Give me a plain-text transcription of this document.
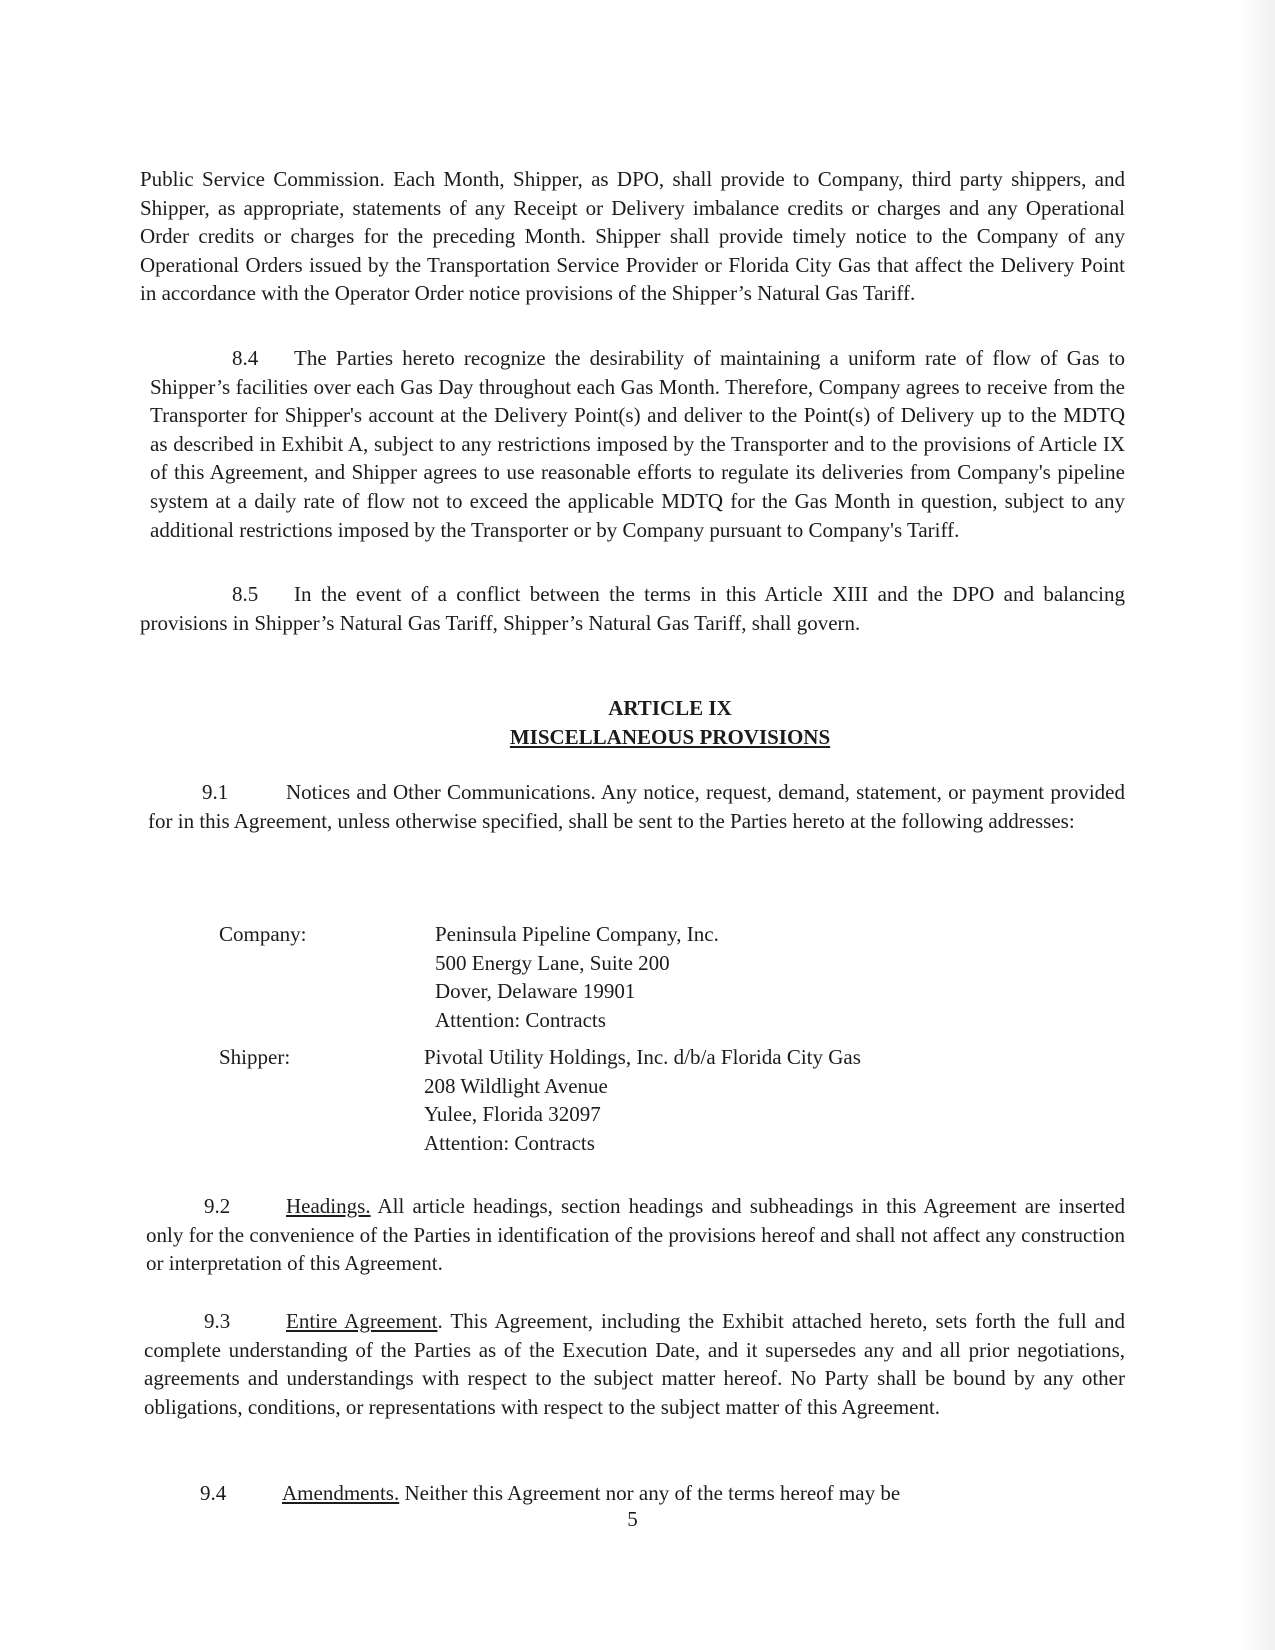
Public Service Commission. Each Month, Shipper, as DPO, shall provide to Company, third party shippers, and Shipper, as appropriate, statements of any Receipt or Delivery imbalance credits or charges and any Operational Order credits or charges for the preceding Month. Shipper shall provide timely notice to the Company of any Operational Orders issued by the Transportation Service Provider or Florida City Gas that affect the Delivery Point in accordance with the Operator Order notice provisions of the Shipper’s Natural Gas Tariff.

8.4 The Parties hereto recognize the desirability of maintaining a uniform rate of flow of Gas to Shipper’s facilities over each Gas Day throughout each Gas Month. Therefore, Company agrees to receive from the Transporter for Shipper's account at the Delivery Point(s) and deliver to the Point(s) of Delivery up to the MDTQ as described in Exhibit A, subject to any restrictions imposed by the Transporter and to the provisions of Article IX of this Agreement, and Shipper agrees to use reasonable efforts to regulate its deliveries from Company's pipeline system at a daily rate of flow not to exceed the applicable MDTQ for the Gas Month in question, subject to any additional restrictions imposed by the Transporter or by Company pursuant to Company's Tariff.

8.5 In the event of a conflict between the terms in this Article XIII and the DPO and balancing provisions in Shipper’s Natural Gas Tariff, Shipper’s Natural Gas Tariff, shall govern.

ARTICLE IX
MISCELLANEOUS PROVISIONS

9.1	Notices and Other Communications. Any notice, request, demand, statement, or payment provided for in this Agreement, unless otherwise specified, shall be sent to the Parties hereto at the following addresses:

Company:	Peninsula Pipeline Company, Inc.
500 Energy Lane, Suite 200
Dover, Delaware 19901
Attention: Contracts
Shipper:	Pivotal Utility Holdings, Inc. d/b/a Florida City Gas
208 Wildlight Avenue
Yulee, Florida 32097
Attention: Contracts

9.2	Headings. All article headings, section headings and subheadings in this Agreement are inserted only for the convenience of the Parties in identification of the provisions hereof and shall not affect any construction or interpretation of this Agreement.

9.3	Entire Agreement. This Agreement, including the Exhibit attached hereto, sets forth the full and complete understanding of the Parties as of the Execution Date, and it supersedes any and all prior negotiations, agreements and understandings with respect to the subject matter hereof. No Party shall be bound by any other obligations, conditions, or representations with respect to the subject matter of this Agreement.

9.4	Amendments. Neither this Agreement nor any of the terms hereof may be
5
